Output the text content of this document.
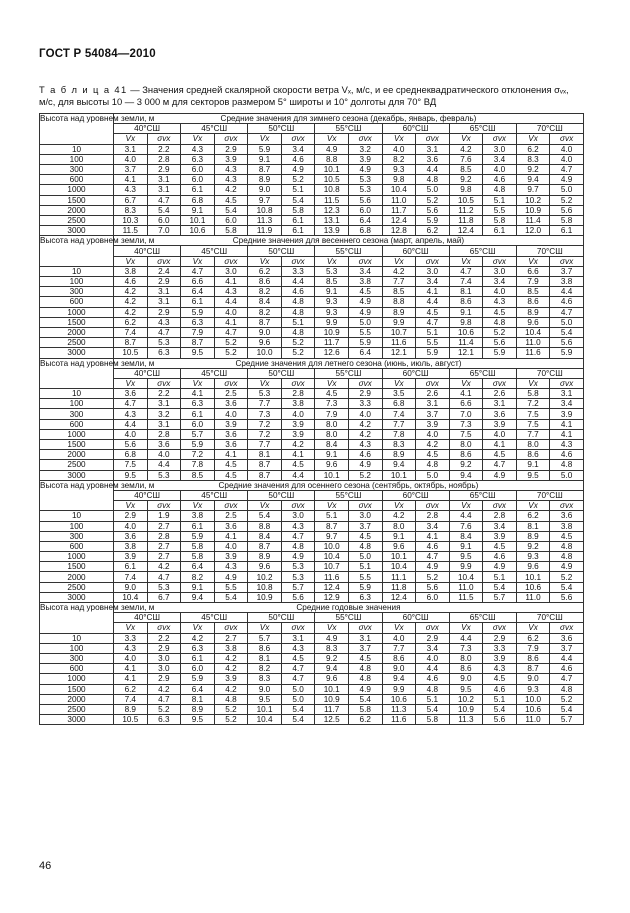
ГОСТ Р 54084—2010
Т а б л и ц а 41 — Значения средней скалярной скорости ветра Vₓ, м/с, и ее среднеквадратического отклонения σᵥₓ,
м/с, для высоты 10 — 3 000 м для секторов размером 5° широты и 10° долготы для 70° ВД
Высота над уровнем земли, м	Средние значения для зимнего сезона (декабрь, январь, февраль)													
	40°СШ		45°СШ		50°СШ		55°СШ		60°СШ		65°СШ		70°СШ	
	Vx	σvx	Vx	σvx	Vx	σvx	Vx	σvx	Vx	σvx	Vx	σvx	Vx	σvx
10	3.1	2.2	4.3	2.9	5.9	3.4	4.9	3.2	4.0	3.1	4.2	3.0	6.2	4.0
100	4.0	2.8	6.3	3.9	9.1	4.6	8.8	3.9	8.2	3.6	7.6	3.4	8.3	4.0
300	3.7	2.9	6.0	4.3	8.7	4.9	10.1	4.9	9.3	4.4	8.5	4.0	9.2	4.7
600	4.1	3.1	6.0	4.3	8.9	5.2	10.5	5.3	9.8	4.8	9.2	4.6	9.4	4.9
1000	4.3	3.1	6.1	4.2	9.0	5.1	10.8	5.3	10.4	5.0	9.8	4.8	9.7	5.0
1500	6.7	4.7	6.8	4.5	9.7	5.4	11.5	5.6	11.0	5.2	10.5	5.1	10.2	5.2
2000	8.3	5.4	9.1	5.4	10.8	5.8	12.3	6.0	11.7	5.6	11.2	5.5	10.9	5.6
2500	10.3	6.0	10.1	6.0	11.3	6.1	13.1	6.4	12.4	5.9	11.8	5.8	11.4	5.8
3000	11.5	7.0	10.6	5.8	11.9	6.1	13.9	6.8	12.8	6.2	12.4	6.1	12.0	6.1
Высота над уровнем земли, м	Средние значения для весеннего сезона (март, апрель, май)													
	40°СШ		45°СШ		50°СШ		55°СШ		60°СШ		65°СШ		70°СШ	
	Vx	σvx	Vx	σvx	Vx	σvx	Vx	σvx	Vx	σvx	Vx	σvx	Vx	σvx
10	3.8	2.4	4.7	3.0	6.2	3.3	5.3	3.4	4.2	3.0	4.7	3.0	6.6	3.7
100	4.6	2.9	6.6	4.1	8.6	4.4	8.5	3.8	7.7	3.4	7.4	3.4	7.9	3.8
300	4.2	3.1	6.4	4.3	8.2	4.6	9.1	4.5	8.5	4.1	8.1	4.0	8.5	4.4
600	4.2	3.1	6.1	4.4	8.4	4.8	9.3	4.9	8.8	4.4	8.6	4.3	8.6	4.6
1000	4.2	2.9	5.9	4.0	8.2	4.8	9.3	4.9	8.9	4.5	9.1	4.5	8.9	4.7
1500	6.2	4.3	6.3	4.1	8.7	5.1	9.9	5.0	9.9	4.7	9.8	4.8	9.6	5.0
2000	7.4	4.7	7.9	4.7	9.0	4.8	10.9	5.5	10.7	5.1	10.6	5.2	10.4	5.4
2500	8.7	5.3	8.7	5.2	9.6	5.2	11.7	5.9	11.6	5.5	11.4	5.6	11.0	5.6
3000	10.5	6.3	9.5	5.2	10.0	5.2	12.6	6.4	12.1	5.9	12.1	5.9	11.6	5.9
Высота над уровнем земли, м	Средние значения для летнего сезона (июнь, июль, август)													
	40°СШ		45°СШ		50°СШ		55°СШ		60°СШ		65°СШ		70°СШ	
	Vx	σvx	Vx	σvx	Vx	σvx	Vx	σvx	Vx	σvx	Vx	σvx	Vx	σvx
10	3.6	2.2	4.1	2.5	5.3	2.8	4.5	2.9	3.5	2.6	4.1	2.6	5.8	3.1
100	4.7	3.1	6.3	3.6	7.7	3.8	7.3	3.3	6.8	3.1	6.6	3.1	7.2	3.4
300	4.3	3.2	6.1	4.0	7.3	4.0	7.9	4.0	7.4	3.7	7.0	3.6	7.5	3.9
600	4.4	3.1	6.0	3.9	7.2	3.9	8.0	4.2	7.7	3.9	7.3	3.9	7.5	4.1
1000	4.0	2.8	5.7	3.6	7.2	3.9	8.0	4.2	7.8	4.0	7.5	4.0	7.7	4.1
1500	5.6	3.6	5.9	3.6	7.7	4.2	8.4	4.3	8.3	4.2	8.0	4.1	8.0	4.3
2000	6.8	4.0	7.2	4.1	8.1	4.1	9.1	4.6	8.9	4.5	8.6	4.5	8.6	4.6
2500	7.5	4.4	7.8	4.5	8.7	4.5	9.6	4.9	9.4	4.8	9.2	4.7	9.1	4.8
3000	9.5	5.3	8.5	4.5	8.7	4.4	10.1	5.2	10.1	5.0	9.4	4.9	9.5	5.0
Высота над уровнем земли, м	Средние значения для осеннего сезона (сентябрь, октябрь, ноябрь)													
	40°СШ		45°СШ		50°СШ		55°СШ		60°СШ		65°СШ		70°СШ	
	Vx	σvx	Vx	σvx	Vx	σvx	Vx	σvx	Vx	σvx	Vx	σvx	Vx	σvx
10	2.9	1.9	3.8	2.5	5.4	3.0	5.1	3.0	4.2	2.8	4.4	2.8	6.2	3.6
100	4.0	2.7	6.1	3.6	8.8	4.3	8.7	3.7	8.0	3.4	7.6	3.4	8.1	3.8
300	3.6	2.8	5.9	4.1	8.4	4.7	9.7	4.5	9.1	4.1	8.4	3.9	8.9	4.5
600	3.8	2.7	5.8	4.0	8.7	4.8	10.0	4.8	9.6	4.6	9.1	4.5	9.2	4.8
1000	3.9	2.7	5.8	3.9	8.9	4.9	10.4	5.0	10.1	4.7	9.5	4.6	9.3	4.8
1500	6.1	4.2	6.4	4.3	9.6	5.3	10.7	5.1	10.4	4.9	9.9	4.9	9.6	4.9
2000	7.4	4.7	8.2	4.9	10.2	5.3	11.6	5.5	11.1	5.2	10.4	5.1	10.1	5.2
2500	9.0	5.3	9.1	5.5	10.8	5.7	12.4	5.9	11.8	5.6	11.0	5.4	10.6	5.4
3000	10.4	6.7	9.4	5.4	10.9	5.6	12.9	6.3	12.4	6.0	11.5	5.7	11.0	5.6
Высота над уровнем земли, м	Средние годовые значения													
	40°СШ		45°СШ		50°СШ		55°СШ		60°СШ		65°СШ		70°СШ	
	Vx	σvx	Vx	σvx	Vx	σvx	Vx	σvx	Vx	σvx	Vx	σvx	Vx	σvx
10	3.3	2.2	4.2	2.7	5.7	3.1	4.9	3.1	4.0	2.9	4.4	2.9	6.2	3.6
100	4.3	2.9	6.3	3.8	8.6	4.3	8.3	3.7	7.7	3.4	7.3	3.3	7.9	3.7
300	4.0	3.0	6.1	4.2	8.1	4.5	9.2	4.5	8.6	4.0	8.0	3.9	8.6	4.4
600	4.1	3.0	6.0	4.2	8.2	4.7	9.4	4.8	9.0	4.4	8.6	4.3	8.7	4.6
1000	4.1	2.9	5.9	3.9	8.3	4.7	9.6	4.8	9.4	4.6	9.0	4.5	9.0	4.7
1500	6.2	4.2	6.4	4.2	9.0	5.0	10.1	4.9	9.9	4.8	9.5	4.6	9.3	4.8
2000	7.4	4.7	8.1	4.8	9.5	5.0	10.9	5.4	10.6	5.1	10.2	5.1	10.0	5.2
2500	8.9	5.2	8.9	5.2	10.1	5.4	11.7	5.8	11.3	5.4	10.9	5.4	10.6	5.4
3000	10.5	6.3	9.5	5.2	10.4	5.4	12.5	6.2	11.6	5.8	11.3	5.6	11.0	5.7
46
